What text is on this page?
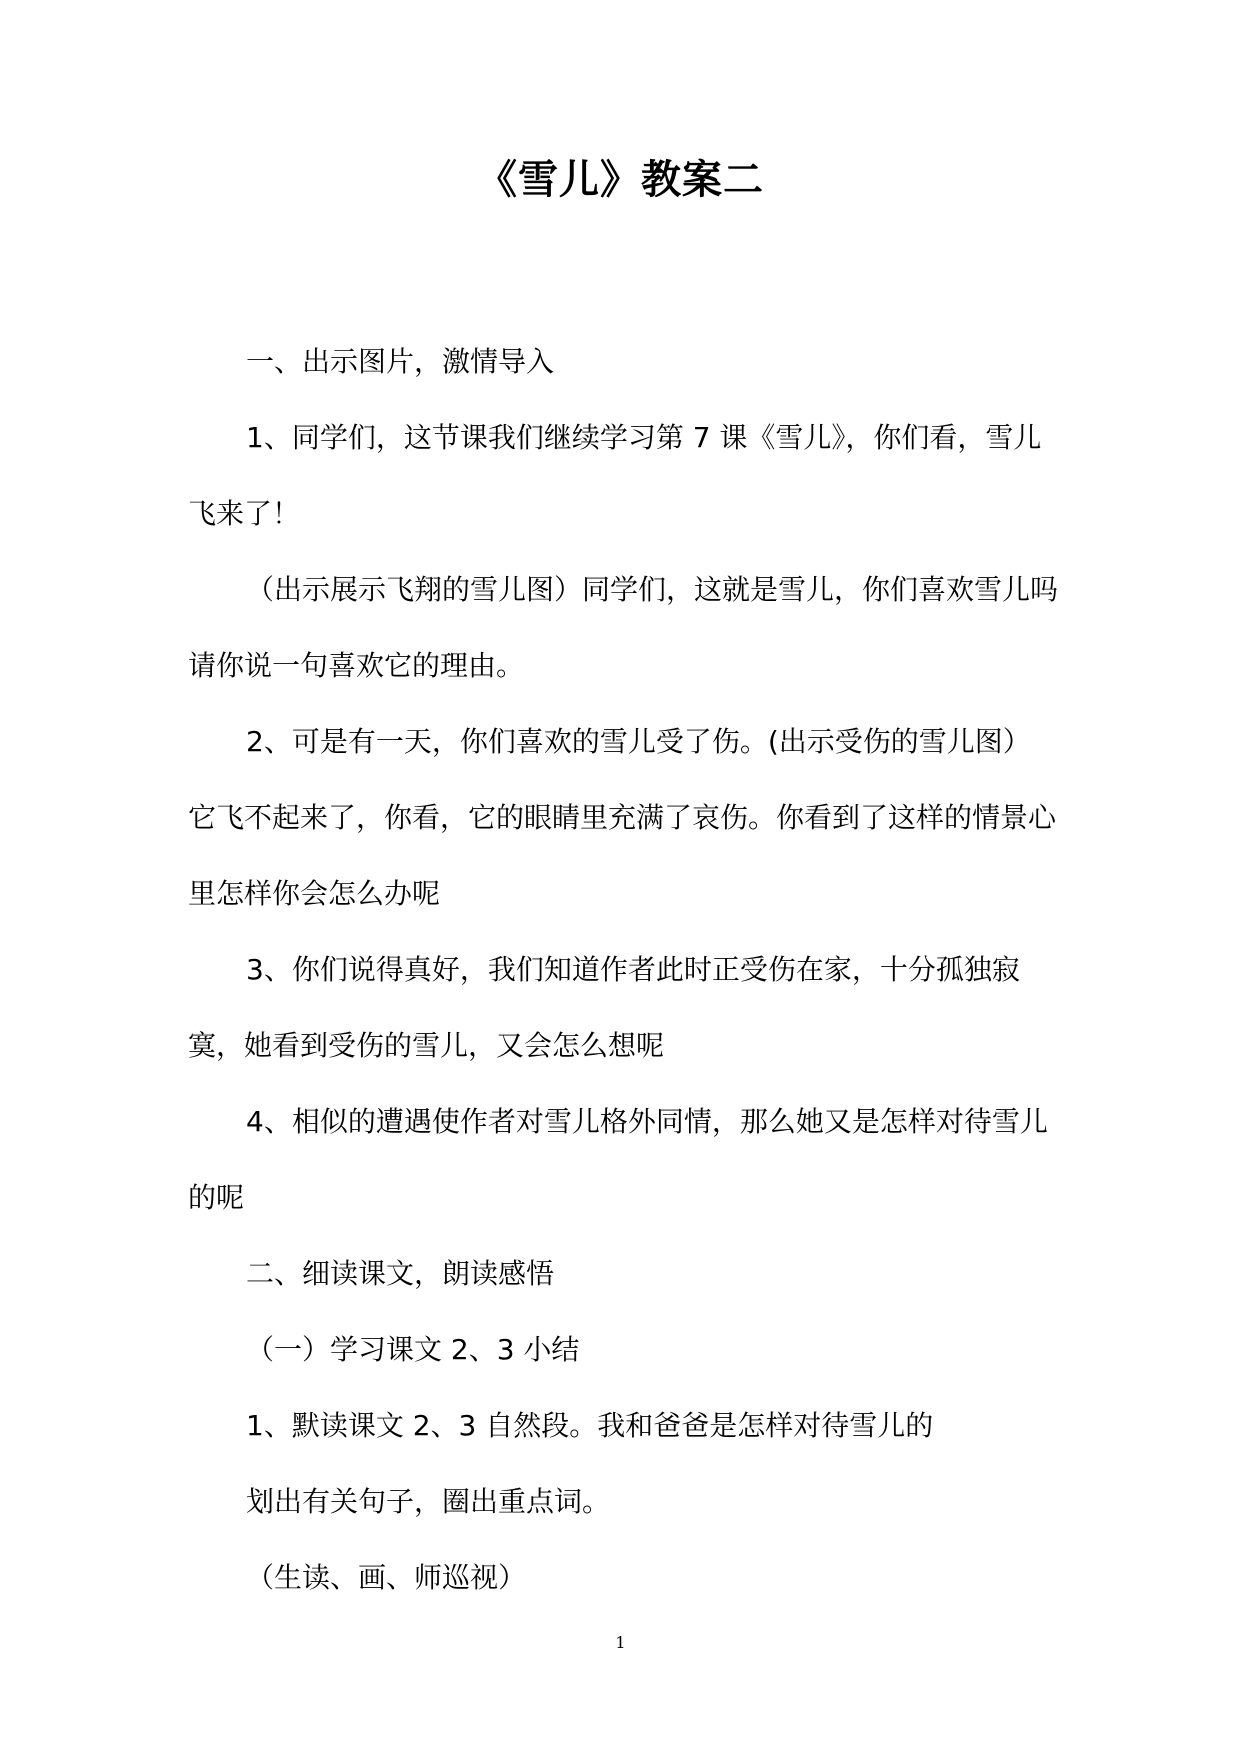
《雪儿》教案二

一、出示图片，激情导入

1、同学们，这节课我们继续学习第 7 课《雪儿》，你们看，雪儿飞来了！

（出示展示飞翔的雪儿图）同学们，这就是雪儿，你们喜欢雪儿吗请你说一句喜欢它的理由。

2、可是有一天，你们喜欢的雪儿受了伤。(出示受伤的雪儿图）它飞不起来了，你看，它的眼睛里充满了哀伤。你看到了这样的情景心里怎样你会怎么办呢

3、你们说得真好，我们知道作者此时正受伤在家，十分孤独寂寞，她看到受伤的雪儿，又会怎么想呢

4、相似的遭遇使作者对雪儿格外同情，那么她又是怎样对待雪儿的呢

二、细读课文，朗读感悟

（一）学习课文 2、3 小结

1、默读课文 2、3 自然段。我和爸爸是怎样对待雪儿的

划出有关句子，圈出重点词。

（生读、画、师巡视）

1
